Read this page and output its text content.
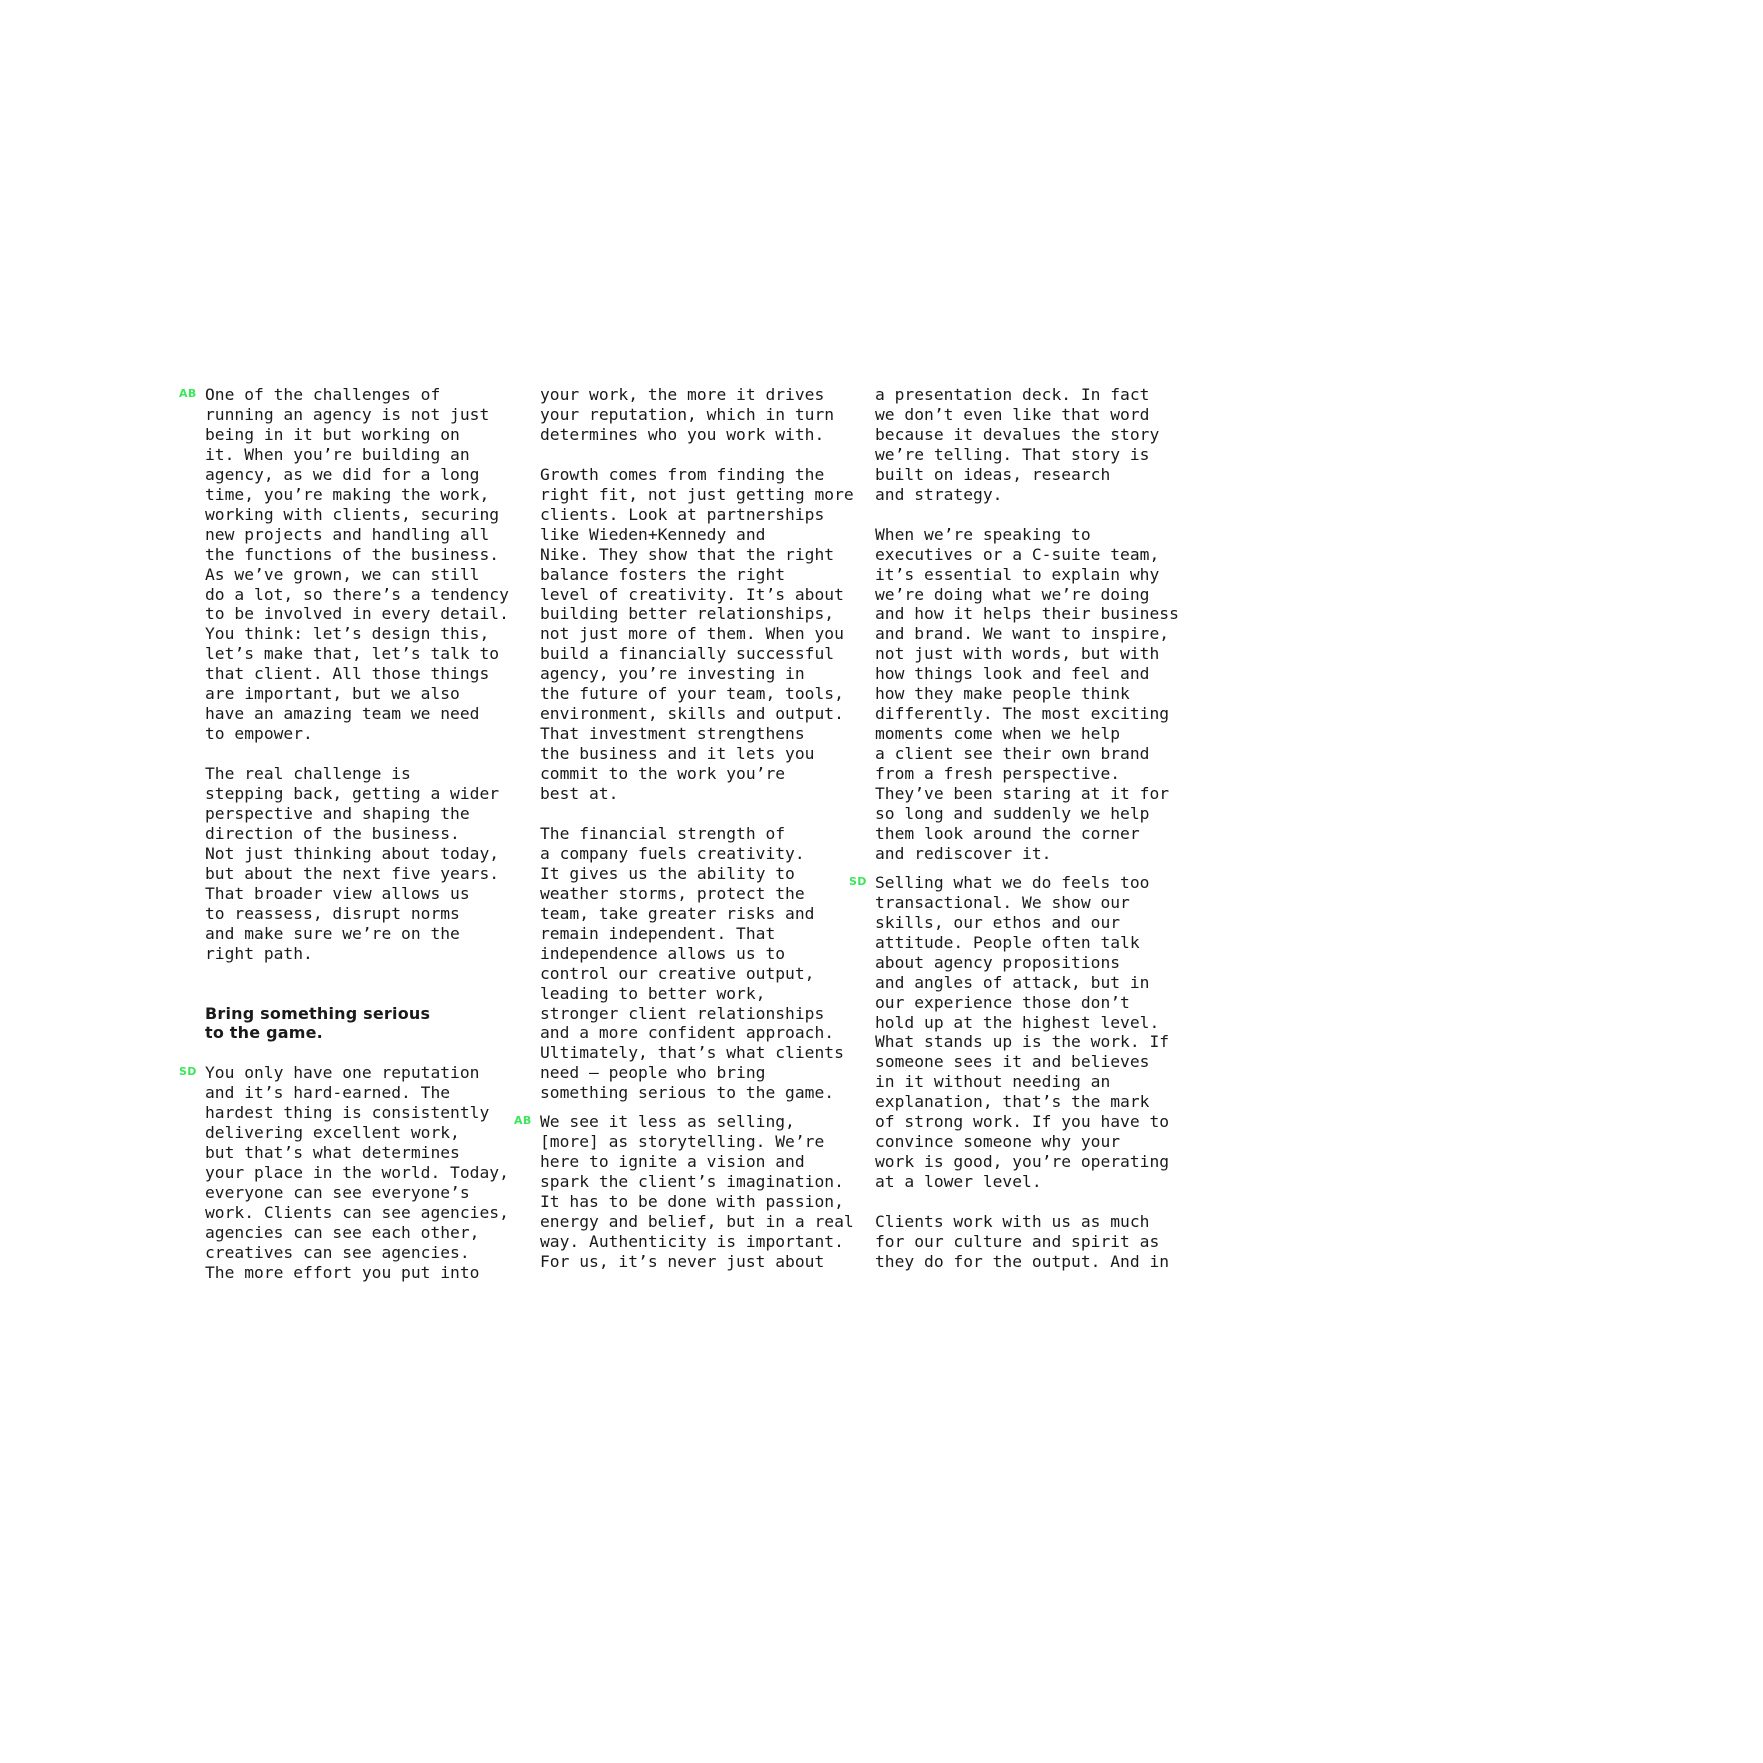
AB One of the challenges of
running an agency is not just
being in it but working on
it. When you’re building an
agency, as we did for a long
time, you’re making the work,
working with clients, securing
new projects and handling all
the functions of the business.
As we’ve grown, we can still
do a lot, so there’s a tendency
to be involved in every detail.
You think: let’s design this,
let’s make that, let’s talk to
that client. All those things
are important, but we also
have an amazing team we need
to empower.
The real challenge is
stepping back, getting a wider
perspective and shaping the
direction of the business.
Not just thinking about today,
but about the next five years.
That broader view allows us
to reassess, disrupt norms
and make sure we’re on the
right path.
Bring something serious
to the game.
SD You only have one reputation
and it’s hard-earned. The
hardest thing is consistently
delivering excellent work,
but that’s what determines
your place in the world. Today,
everyone can see everyone’s
work. Clients can see agencies,
agencies can see each other,
creatives can see agencies.
The more effort you put into
your work, the more it drives
your reputation, which in turn
determines who you work with.
Growth comes from finding the
right fit, not just getting more
clients. Look at partnerships
like Wieden+Kennedy and
Nike. They show that the right
balance fosters the right
level of creativity. It’s about
building better relationships,
not just more of them. When you
build a financially successful
agency, you’re investing in
the future of your team, tools,
environment, skills and output.
That investment strengthens
the business and it lets you
commit to the work you’re
best at.
The financial strength of
a company fuels creativity.
It gives us the ability to
weather storms, protect the
team, take greater risks and
remain independent. That
independence allows us to
control our creative output,
leading to better work,
stronger client relationships
and a more confident approach.
Ultimately, that’s what clients
need – people who bring
something serious to the game.
AB We see it less as selling,
[more] as storytelling. We’re
here to ignite a vision and
spark the client’s imagination.
It has to be done with passion,
energy and belief, but in a real
way. Authenticity is important.
For us, it’s never just about
a presentation deck. In fact
we don’t even like that word
because it devalues the story
we’re telling. That story is
built on ideas, research
and strategy.
When we’re speaking to
executives or a C-suite team,
it’s essential to explain why
we’re doing what we’re doing
and how it helps their business
and brand. We want to inspire,
not just with words, but with
how things look and feel and
how they make people think
differently. The most exciting
moments come when we help
a client see their own brand
from a fresh perspective.
They’ve been staring at it for
so long and suddenly we help
them look around the corner
and rediscover it.
SD Selling what we do feels too
transactional. We show our
skills, our ethos and our
attitude. People often talk
about agency propositions
and angles of attack, but in
our experience those don’t
hold up at the highest level.
What stands up is the work. If
someone sees it and believes
in it without needing an
explanation, that’s the mark
of strong work. If you have to
convince someone why your
work is good, you’re operating
at a lower level.
Clients work with us as much
for our culture and spirit as
they do for the output. And in
